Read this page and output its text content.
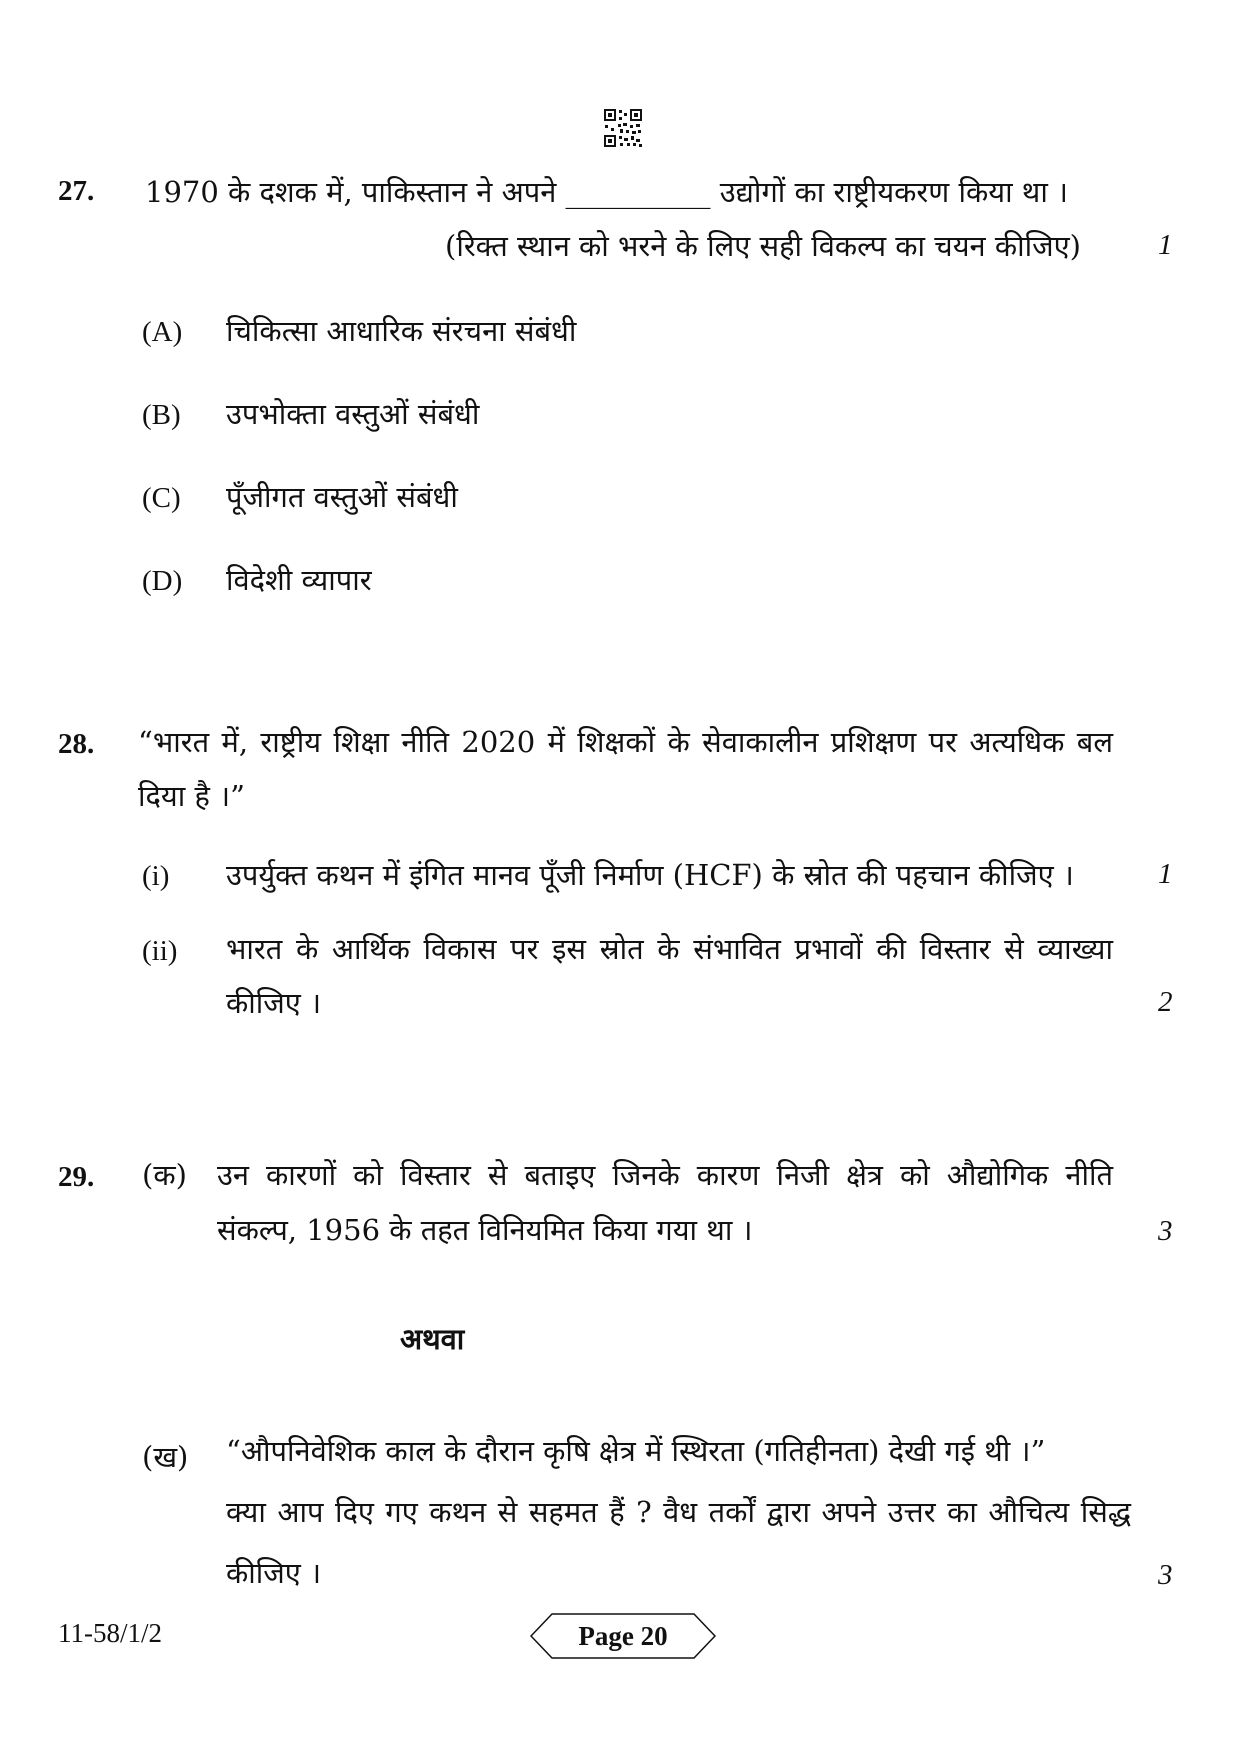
27. 1970 के दशक में, पाकिस्तान ने अपने __________ उद्योगों का राष्ट्रीयकरण किया था ।
(रिक्त स्थान को भरने के लिए सही विकल्प का चयन कीजिए)	1
(A) चिकित्सा आधारिक संरचना संबंधी
(B) उपभोक्ता वस्तुओं संबंधी
(C) पूँजीगत वस्तुओं संबंधी
(D) विदेशी व्यापार
28. “भारत में, राष्ट्रीय शिक्षा नीति 2020 में शिक्षकों के सेवाकालीन प्रशिक्षण पर अत्यधिक बल
दिया है ।”
(i) उपर्युक्त कथन में इंगित मानव पूँजी निर्माण (HCF) के स्रोत की पहचान कीजिए ।	1
(ii) भारत के आर्थिक विकास पर इस स्रोत के संभावित प्रभावों की विस्तार से व्याख्या
कीजिए ।	2
29. (क) उन कारणों को विस्तार से बताइए जिनके कारण निजी क्षेत्र को औद्योगिक नीति
संकल्प, 1956 के तहत विनियमित किया गया था ।	3
अथवा
(ख) “औपनिवेशिक काल के दौरान कृषि क्षेत्र में स्थिरता (गतिहीनता) देखी गई थी ।”
क्या आप दिए गए कथन से सहमत हैं ? वैध तर्कों द्वारा अपने उत्तर का औचित्य सिद्ध
कीजिए ।	3
11-58/1/2	Page 20
